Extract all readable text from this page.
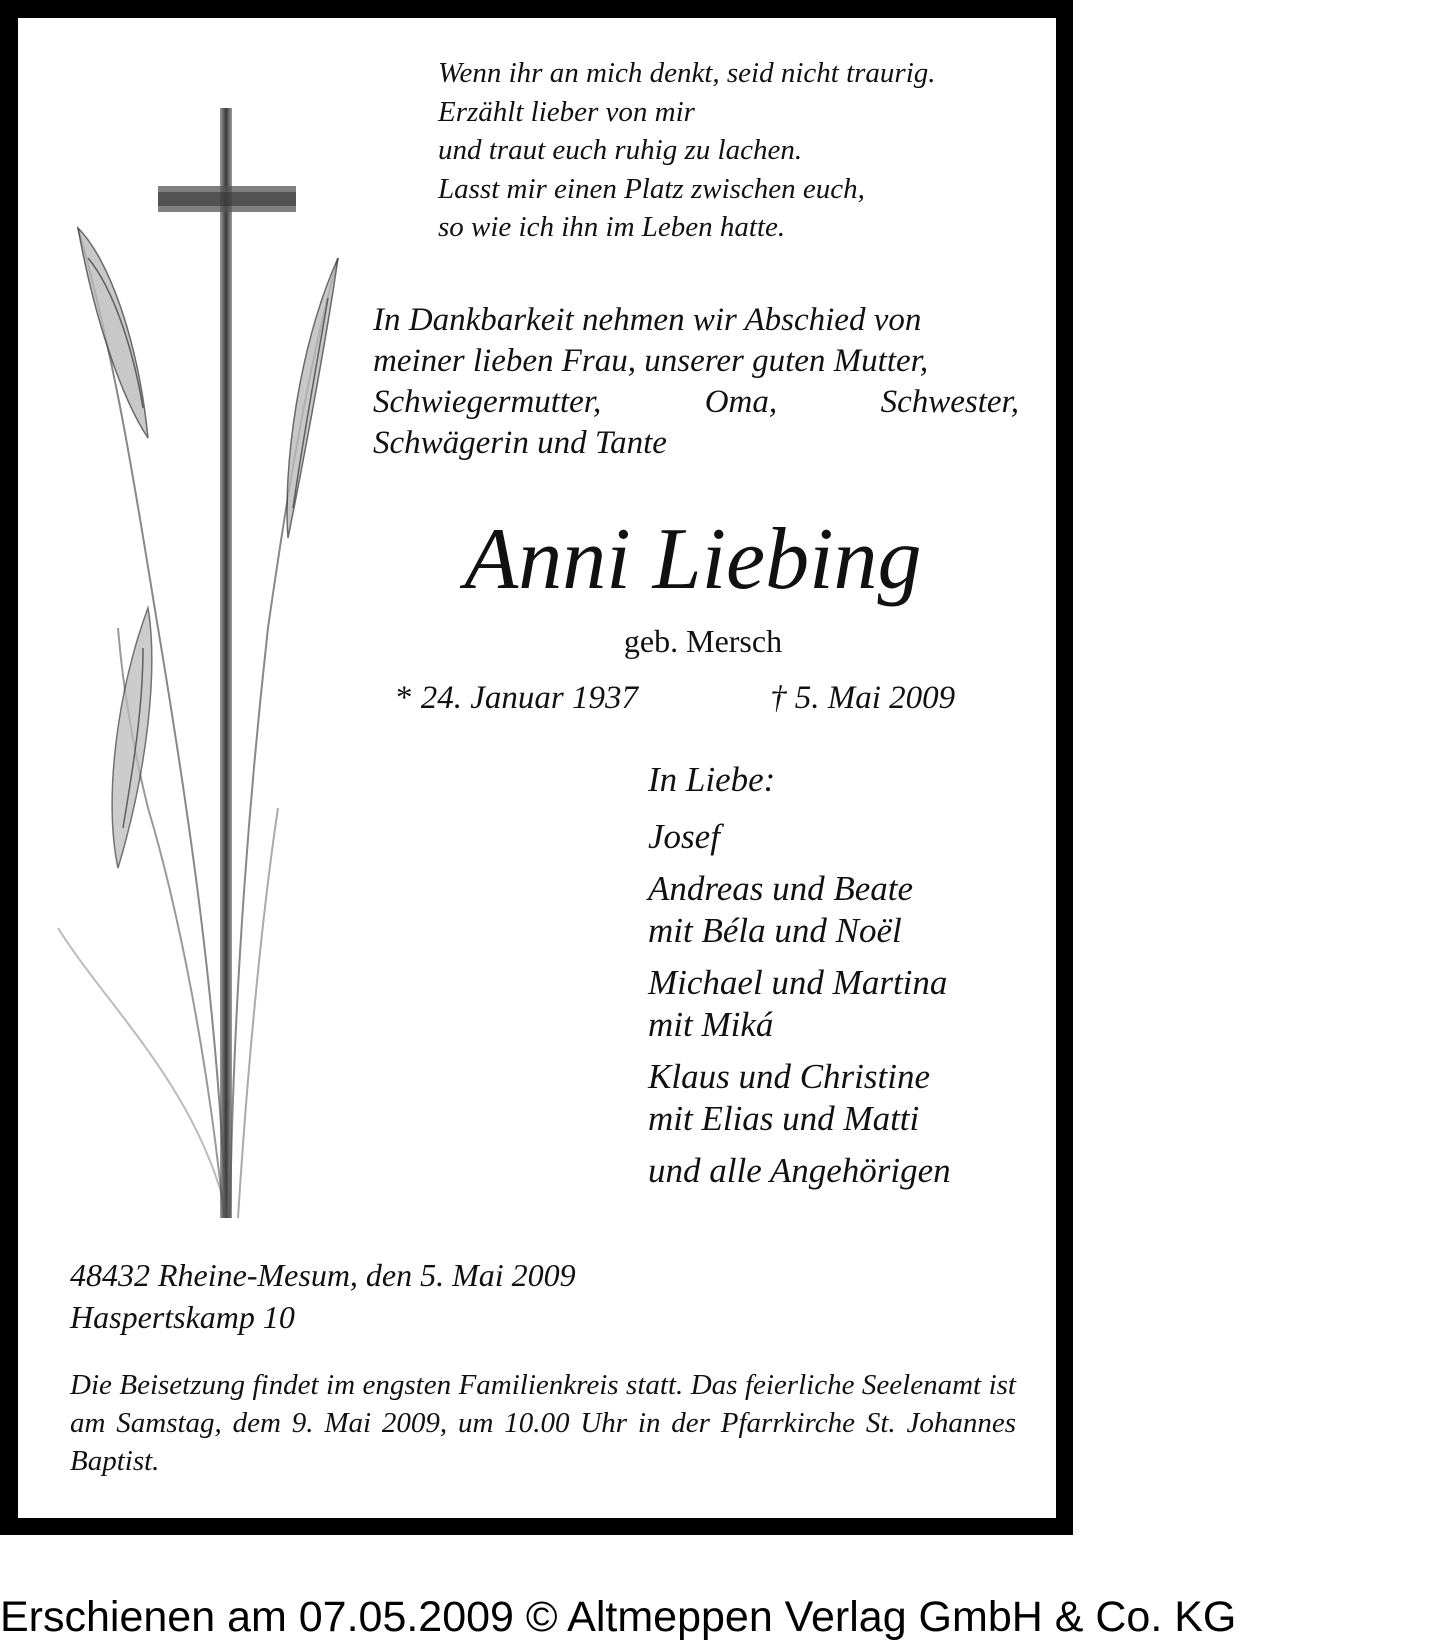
Wenn ihr an mich denkt, seid nicht traurig.
Erzählt lieber von mir
und traut euch ruhig zu lachen.
Lasst mir einen Platz zwischen euch,
so wie ich ihn im Leben hatte.
In Dankbarkeit nehmen wir Abschied von
meiner lieben Frau, unserer guten Mutter,
Schwiegermutter,	Oma,	Schwester,
Schwägerin und Tante
Anni Liebing
geb. Mersch
* 24. Januar 1937	† 5. Mai 2009
In Liebe:
Josef
Andreas und Beate
mit Béla und Noël
Michael und Martina
mit Miká
Klaus und Christine
mit Elias und Matti
und alle Angehörigen
48432 Rheine-Mesum, den 5. Mai 2009
Haspertskamp 10
Die Beisetzung findet im engsten Familienkreis statt. Das feierliche Seelenamt ist am Samstag, dem 9. Mai 2009, um 10.00 Uhr in der Pfarrkirche St. Johannes Baptist.
Erschienen am 07.05.2009 © Altmeppen Verlag GmbH & Co. KG
